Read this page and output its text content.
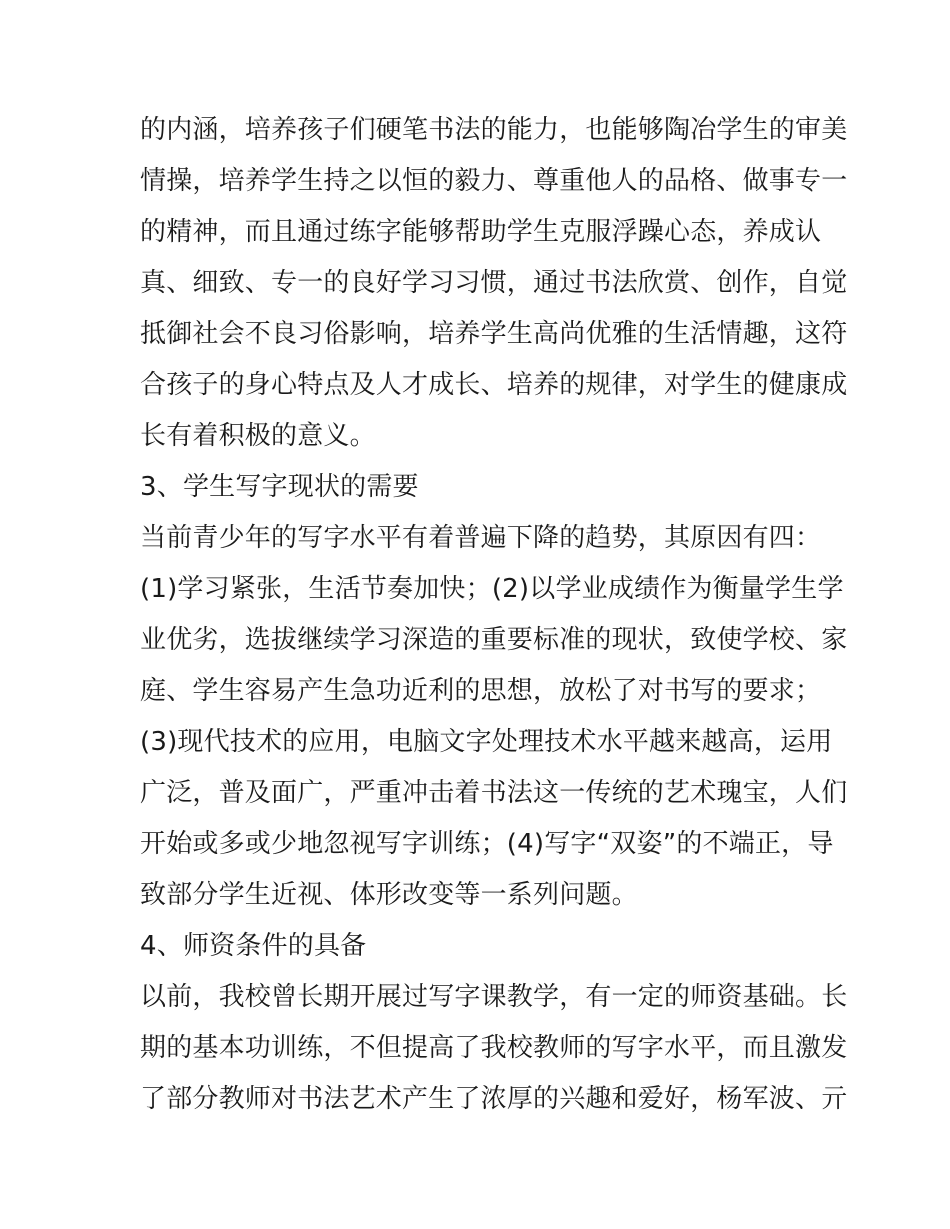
的内涵，培养孩子们硬笔书法的能力，也能够陶冶学生的审美
情操，培养学生持之以恒的毅力、尊重他人的品格、做事专一
的精神，而且通过练字能够帮助学生克服浮躁心态，养成认
真、细致、专一的良好学习习惯，通过书法欣赏、创作，自觉
抵御社会不良习俗影响，培养学生高尚优雅的生活情趣，这符
合孩子的身心特点及人才成长、培养的规律，对学生的健康成
长有着积极的意义。
3、学生写字现状的需要
当前青少年的写字水平有着普遍下降的趋势，其原因有四：
(1)学习紧张，生活节奏加快；(2)以学业成绩作为衡量学生学
业优劣，选拔继续学习深造的重要标准的现状，致使学校、家
庭、学生容易产生急功近利的思想，放松了对书写的要求；
(3)现代技术的应用，电脑文字处理技术水平越来越高，运用
广泛，普及面广，严重冲击着书法这一传统的艺术瑰宝，人们
开始或多或少地忽视写字训练；(4)写字“双姿”的不端正，导
致部分学生近视、体形改变等一系列问题。
4、师资条件的具备
以前，我校曾长期开展过写字课教学，有一定的师资基础。长
期的基本功训练，不但提高了我校教师的写字水平，而且激发
了部分教师对书法艺术产生了浓厚的兴趣和爱好，杨军波、亓
